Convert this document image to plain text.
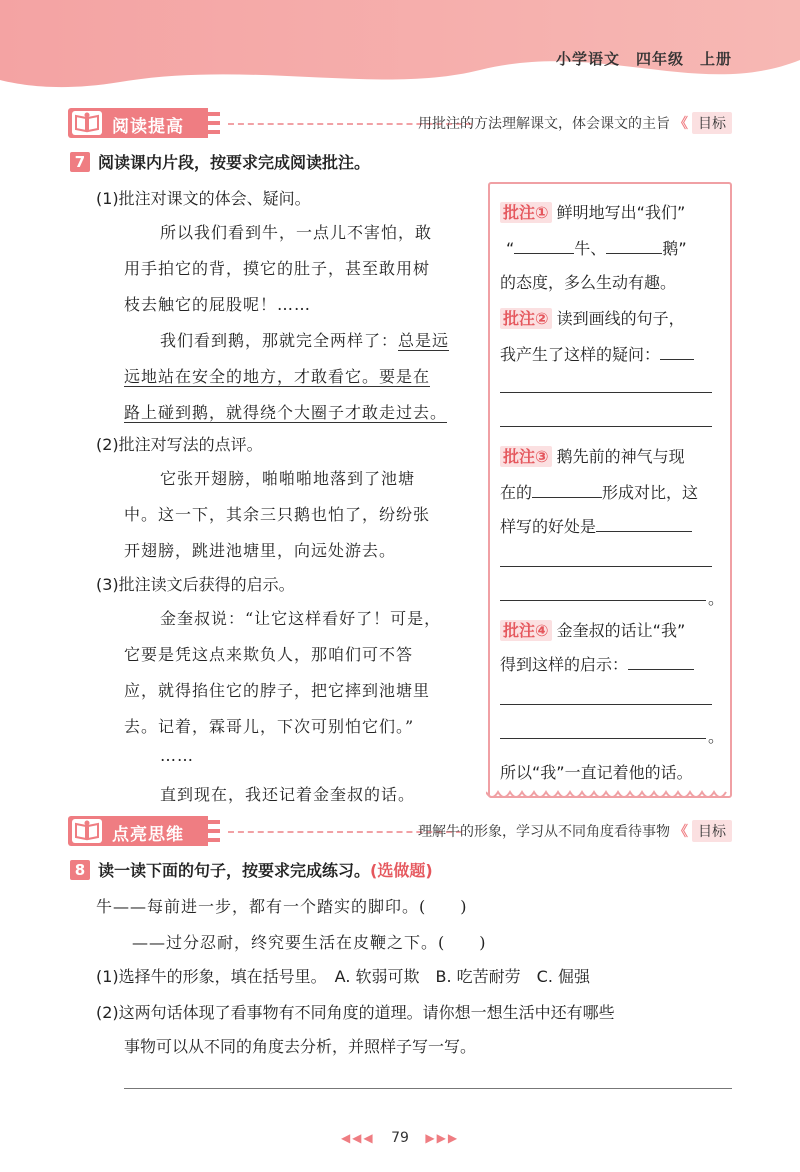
小学语文　四年级　上册
阅读提高	用批注的方法理解课文，体会课文的主旨 《 目标
7 阅读课内片段，按要求完成阅读批注。
(1)批注对课文的体会、疑问。
所以我们看到牛，一点儿不害怕，敢
用手拍它的背，摸它的肚子，甚至敢用树
枝去触它的屁股呢！……
我们看到鹅，那就完全两样了：总是远
远地站在安全的地方，才敢看它。要是在
路上碰到鹅，就得绕个大圈子才敢走过去。
(2)批注对写法的点评。
它张开翅膀，啪啪啪地落到了池塘
中。这一下，其余三只鹅也怕了，纷纷张
开翅膀，跳进池塘里，向远处游去。
(3)批注读文后获得的启示。
金奎叔说：“让它这样看好了！可是，
它要是凭这点来欺负人，那咱们可不答
应，就得掐住它的脖子，把它摔到池塘里
去。记着，霖哥儿，下次可别怕它们。”
……
直到现在，我还记着金奎叔的话。
批注① 鲜明地写出“我们”
“	牛、	鹅”
的态度，多么生动有趣。
批注② 读到画线的句子，
我产生了这样的疑问：
批注③ 鹅先前的神气与现
在的	形成对比，这
样写的好处是
。
批注④ 金奎叔的话让“我”
得到这样的启示：
。
所以“我”一直记着他的话。
点亮思维	理解牛的形象，学习从不同角度看待事物 《 目标
8 读一读下面的句子，按要求完成练习。(选做题)
牛——每前进一步，都有一个踏实的脚印。(　　)
——过分忍耐，终究要生活在皮鞭之下。(　　)
(1)选择牛的形象，填在括号里。　A. 软弱可欺　B. 吃苦耐劳　C. 倔强
(2)这两句话体现了看事物有不同角度的道理。请你想一想生活中还有哪些
事物可以从不同的角度去分析，并照样子写一写。
◀◀◀ 79 ▶▶▶
